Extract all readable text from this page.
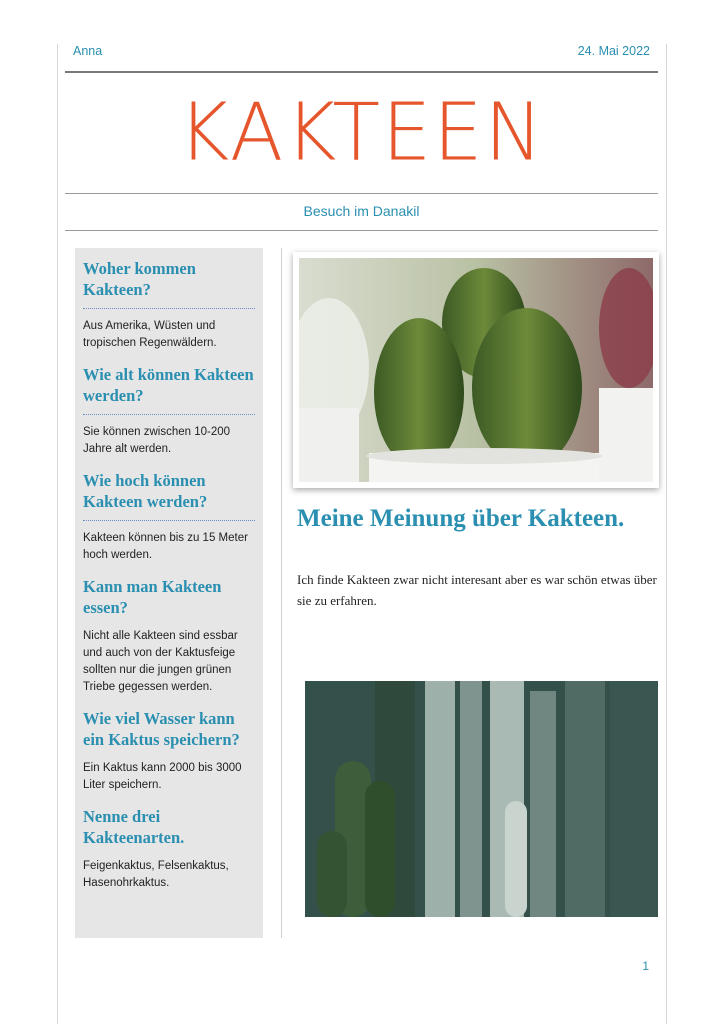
Anna	24. Mai 2022
KAKTEEN
Besuch im Danakil
Woher kommen Kakteen?
Aus Amerika, Wüsten und tropischen Regenwäldern.
Wie alt können Kakteen werden?
Sie können zwischen 10-200 Jahre alt werden.
Wie hoch können Kakteen werden?
Kakteen können bis zu 15 Meter hoch werden.
Kann man Kakteen essen?
Nicht alle Kakteen sind essbar und auch von der Kaktusfeige sollten nur die jungen grünen Triebe gegessen werden.
Wie viel Wasser kann ein Kaktus speichern?
Ein Kaktus kann 2000 bis 3000 Liter speichern.
Nenne drei Kakteenarten.
Feigenkaktus, Felsenkaktus, Hasenohrkaktus.
Meine Meinung über Kakteen.
Ich finde Kakteen zwar nicht interesant aber es war schön etwas über sie zu erfahren.
1
